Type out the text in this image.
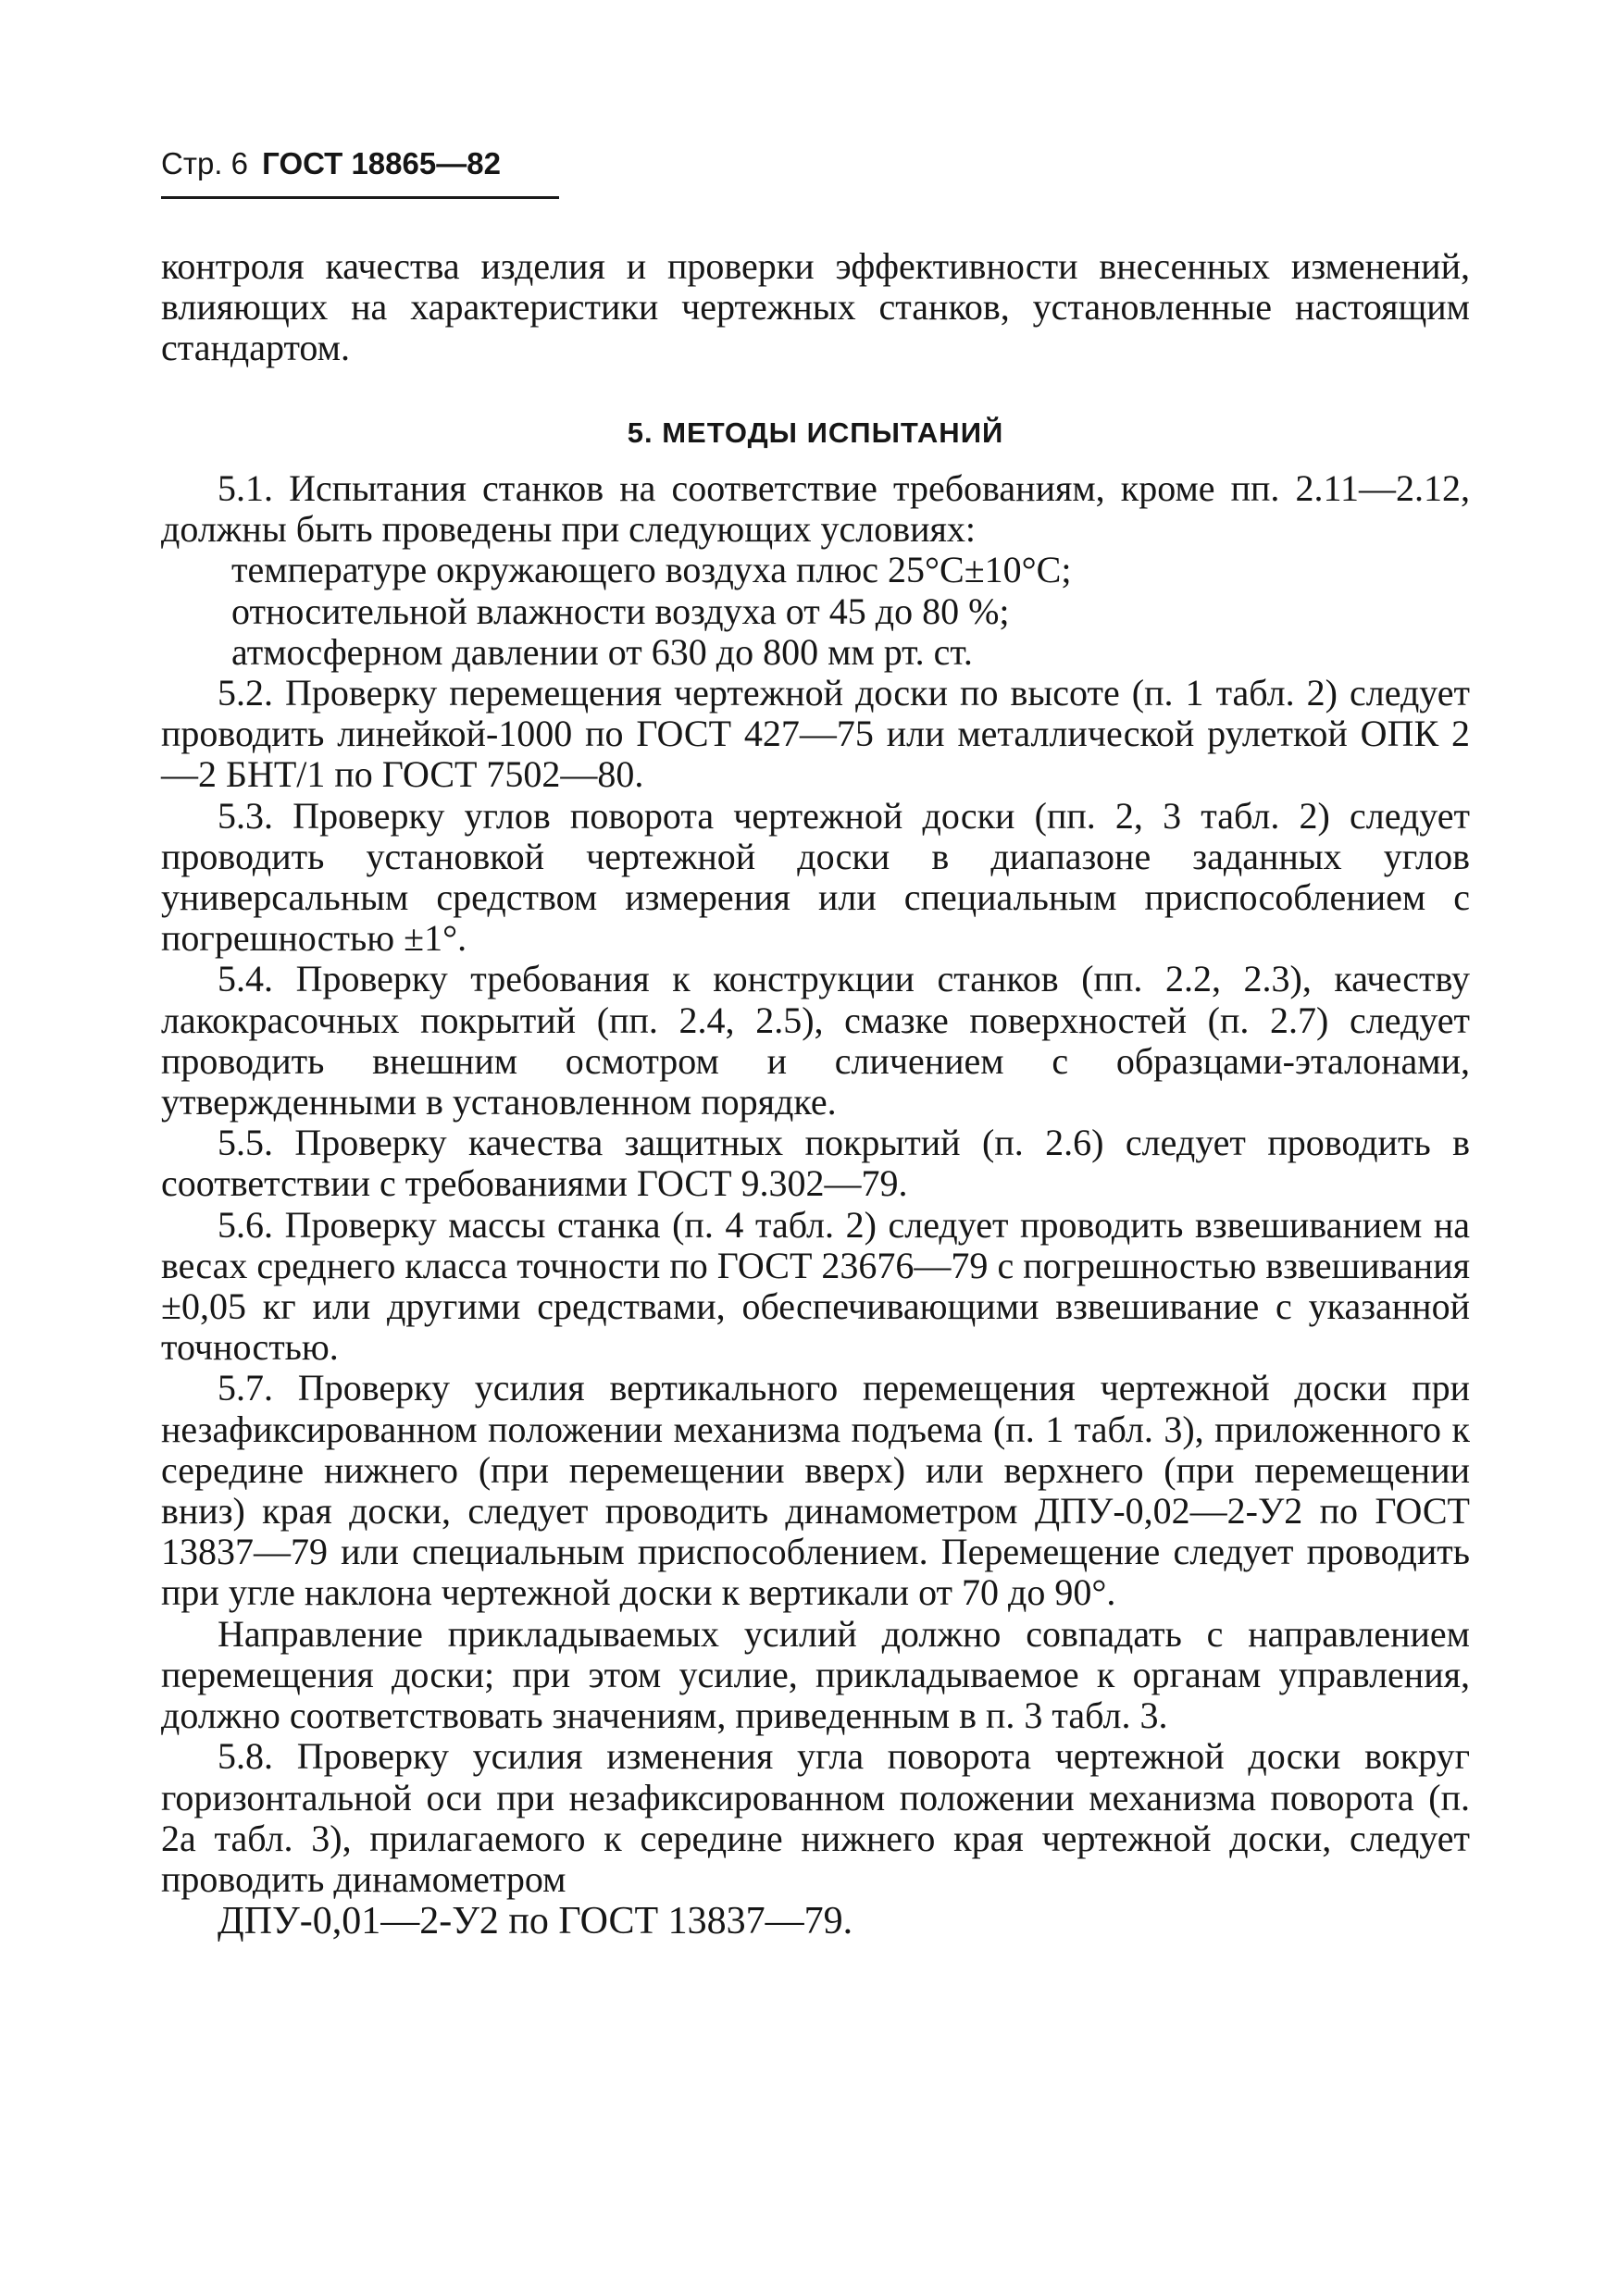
Стр. 6 ГОСТ 18865—82

контроля качества изделия и проверки эффективности внесенных изменений, влияющих на характеристики чертежных станков, установленные настоящим стандартом.

5. МЕТОДЫ ИСПЫТАНИЙ

5.1. Испытания станков на соответствие требованиям, кроме пп. 2.11—2.12, должны быть проведены при следующих условиях:

температуре окружающего воздуха плюс 25°С±10°С;

относительной влажности воздуха от 45 до 80 %;

атмосферном давлении от 630 до 800 мм рт. ст.

5.2. Проверку перемещения чертежной доски по высоте (п. 1 табл. 2) следует проводить линейкой-1000 по ГОСТ 427—75 или металлической рулеткой ОПК 2—2 БНТ/1 по ГОСТ 7502—80.

5.3. Проверку углов поворота чертежной доски (пп. 2, 3 табл. 2) следует проводить установкой чертежной доски в диапазоне заданных углов универсальным средством измерения или специальным приспособлением с погрешностью ±1°.

5.4. Проверку требования к конструкции станков (пп. 2.2, 2.3), качеству лакокрасочных покрытий (пп. 2.4, 2.5), смазке поверхностей (п. 2.7) следует проводить внешним осмотром и сличением с образцами-эталонами, утвержденными в установленном порядке.

5.5. Проверку качества защитных покрытий (п. 2.6) следует проводить в соответствии с требованиями ГОСТ 9.302—79.

5.6. Проверку массы станка (п. 4 табл. 2) следует проводить взвешиванием на весах среднего класса точности по ГОСТ 23676—79 с погрешностью взвешивания ±0,05 кг или другими средствами, обеспечивающими взвешивание с указанной точностью.

5.7. Проверку усилия вертикального перемещения чертежной доски при незафиксированном положении механизма подъема (п. 1 табл. 3), приложенного к середине нижнего (при перемещении вверх) или верхнего (при перемещении вниз) края доски, следует проводить динамометром ДПУ-0,02—2-У2 по ГОСТ 13837—79 или специальным приспособлением. Перемещение следует проводить при угле наклона чертежной доски к вертикали от 70 до 90°.

Направление прикладываемых усилий должно совпадать с направлением перемещения доски; при этом усилие, прикладываемое к органам управления, должно соответствовать значениям, приведенным в п. 3 табл. 3.

5.8. Проверку усилия изменения угла поворота чертежной доски вокруг горизонтальной оси при незафиксированном положении механизма поворота (п. 2а табл. 3), прилагаемого к середине нижнего края чертежной доски, следует проводить динамометром

ДПУ-0,01—2-У2 по ГОСТ 13837—79.
